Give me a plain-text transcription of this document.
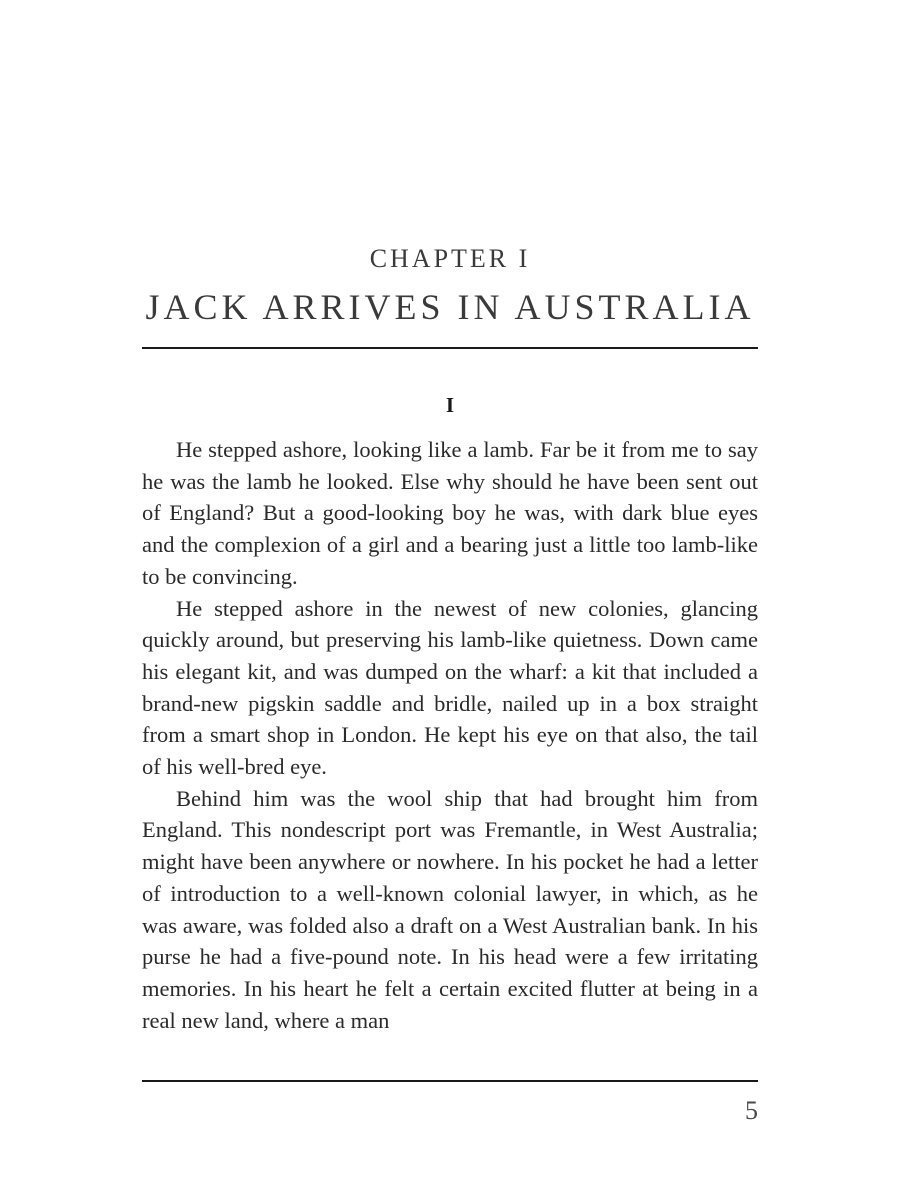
CHAPTER I
JACK ARRIVES IN AUSTRALIA
I

He stepped ashore, looking like a lamb. Far be it from me to say he was the lamb he looked. Else why should he have been sent out of England? But a good-looking boy he was, with dark blue eyes and the complexion of a girl and a bearing just a little too lamb-like to be convincing.

He stepped ashore in the newest of new colonies, glancing quickly around, but preserving his lamb-like quietness. Down came his elegant kit, and was dumped on the wharf: a kit that included a brand-new pigskin saddle and bridle, nailed up in a box straight from a smart shop in London. He kept his eye on that also, the tail of his well-bred eye.

Behind him was the wool ship that had brought him from England. This nondescript port was Fremantle, in West Australia; might have been anywhere or nowhere. In his pocket he had a letter of introduction to a well-known colonial lawyer, in which, as he was aware, was folded also a draft on a West Australian bank. In his purse he had a five-pound note. In his head were a few irritating memories. In his heart he felt a certain excited flutter at being in a real new land, where a man

5
